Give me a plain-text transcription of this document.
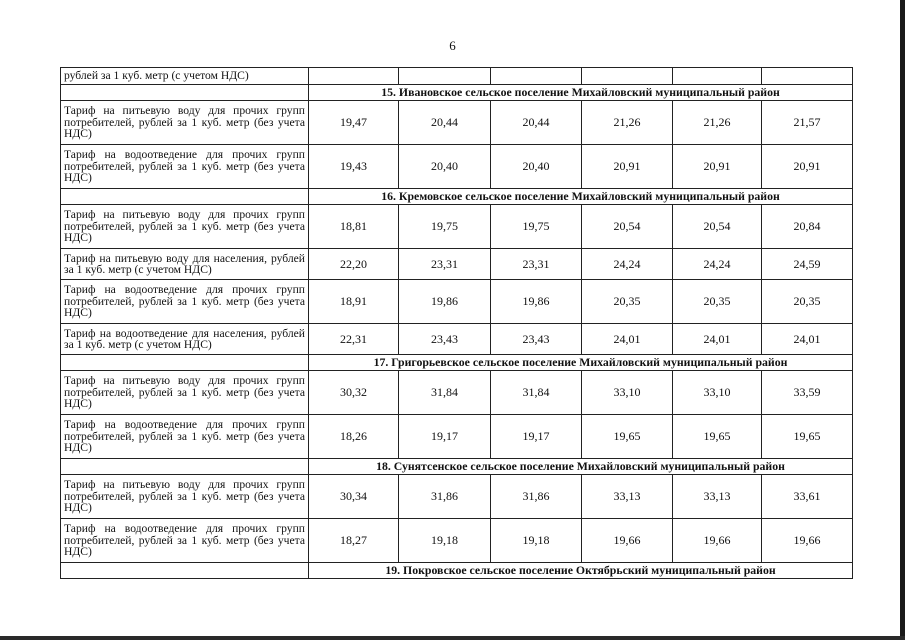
6
рублей за 1 куб. метр (с учетом НДС)						
	15. Ивановское сельское поселение Михайловский муниципальный район					
Тариф на питьевую воду для прочих групп потребителей, рублей за 1 куб. метр (без учета НДС)	19,47	20,44	20,44	21,26	21,26	21,57
Тариф на водоотведение для прочих групп потребителей, рублей за 1 куб. метр (без учета НДС)	19,43	20,40	20,40	20,91	20,91	20,91
	16. Кремовское сельское поселение Михайловский муниципальный район					
Тариф на питьевую воду для прочих групп потребителей, рублей за 1 куб. метр (без учета НДС)	18,81	19,75	19,75	20,54	20,54	20,84
Тариф на питьевую воду для населения, рублей за 1 куб. метр (с учетом НДС)	22,20	23,31	23,31	24,24	24,24	24,59
Тариф на водоотведение для прочих групп потребителей, рублей за 1 куб. метр (без учета НДС)	18,91	19,86	19,86	20,35	20,35	20,35
Тариф на водоотведение для населения, рублей за 1 куб. метр (с учетом НДС)	22,31	23,43	23,43	24,01	24,01	24,01
	17. Григорьевское сельское поселение Михайловский муниципальный район					
Тариф на питьевую воду для прочих групп потребителей, рублей за 1 куб. метр (без учета НДС)	30,32	31,84	31,84	33,10	33,10	33,59
Тариф на водоотведение для прочих групп потребителей, рублей за 1 куб. метр (без учета НДС)	18,26	19,17	19,17	19,65	19,65	19,65
	18. Сунятсенское сельское поселение Михайловский муниципальный район					
Тариф на питьевую воду для прочих групп потребителей, рублей за 1 куб. метр (без учета НДС)	30,34	31,86	31,86	33,13	33,13	33,61
Тариф на водоотведение для прочих групп потребителей, рублей за 1 куб. метр (без учета НДС)	18,27	19,18	19,18	19,66	19,66	19,66
	19. Покровское сельское поселение Октябрьский муниципальный район					
